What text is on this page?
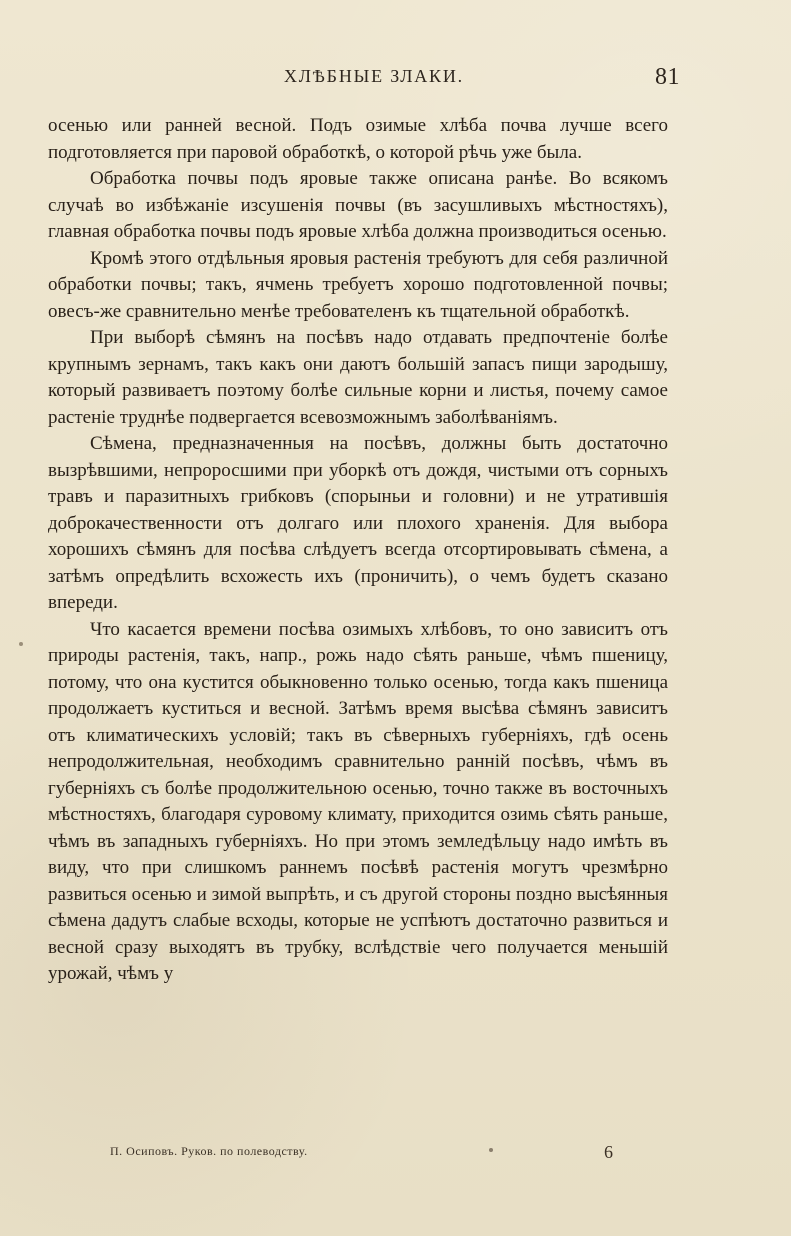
ХЛѢБНЫЕ ЗЛАКИ.	81

осенью или ранней весной. Подъ озимые хлѣба почва лучше всего подготовляется при паровой обработкѣ, о которой рѣчь уже была.

Обработка почвы подъ яровые также описана ранѣе. Во всякомъ случаѣ во избѣжаніе изсушенія почвы (въ засушливыхъ мѣстностяхъ), главная обработка почвы подъ яровые хлѣба должна производиться осенью.

Кромѣ этого отдѣльныя яровыя растенія требуютъ для себя различной обработки почвы; такъ, ячмень требуетъ хорошо подготовленной почвы; овесъ-же сравнительно менѣе требователенъ къ тщательной обработкѣ.

При выборѣ сѣмянъ на посѣвъ надо отдавать предпочтеніе болѣе крупнымъ зернамъ, такъ какъ они даютъ большій запасъ пищи зародышу, который развиваетъ поэтому болѣе сильные корни и листья, почему самое растеніе труднѣе подвергается всевозможнымъ заболѣваніямъ.

Сѣмена, предназначенныя на посѣвъ, должны быть достаточно вызрѣвшими, непроросшими при уборкѣ отъ дождя, чистыми отъ сорныхъ травъ и паразитныхъ грибковъ (спорыньи и головни) и не утратившія доброкачественности отъ долгаго или плохого храненія. Для выбора хорошихъ сѣмянъ для посѣва слѣдуетъ всегда отсортировывать сѣмена, а затѣмъ опредѣлить всхожесть ихъ (проничить), о чемъ будетъ сказано впереди.

Что касается времени посѣва озимыхъ хлѣбовъ, то оно зависитъ отъ природы растенія, такъ, напр., рожь надо сѣять раньше, чѣмъ пшеницу, потому, что она кустится обыкновенно только осенью, тогда какъ пшеница продолжаетъ куститься и весной. Затѣмъ время высѣва сѣмянъ зависитъ отъ климатическихъ условій; такъ въ сѣверныхъ губерніяхъ, гдѣ осень непродолжительная, необходимъ сравнительно ранній посѣвъ, чѣмъ въ губерніяхъ съ болѣе продолжительною осенью, точно также въ восточныхъ мѣстностяхъ, благодаря суровому климату, приходится озимь сѣять раньше, чѣмъ въ западныхъ губерніяхъ. Но при этомъ земледѣльцу надо имѣть въ виду, что при слишкомъ раннемъ посѣвѣ растенія могутъ чрезмѣрно развиться осенью и зимой выпрѣть, и съ другой стороны поздно высѣянныя сѣмена дадутъ слабые всходы, которые не успѣютъ достаточно развиться и весной сразу выходятъ въ трубку, вслѣдствіе чего получается меньшій урожай, чѣмъ у

П. Осиповъ. Руков. по полеводству.	6
